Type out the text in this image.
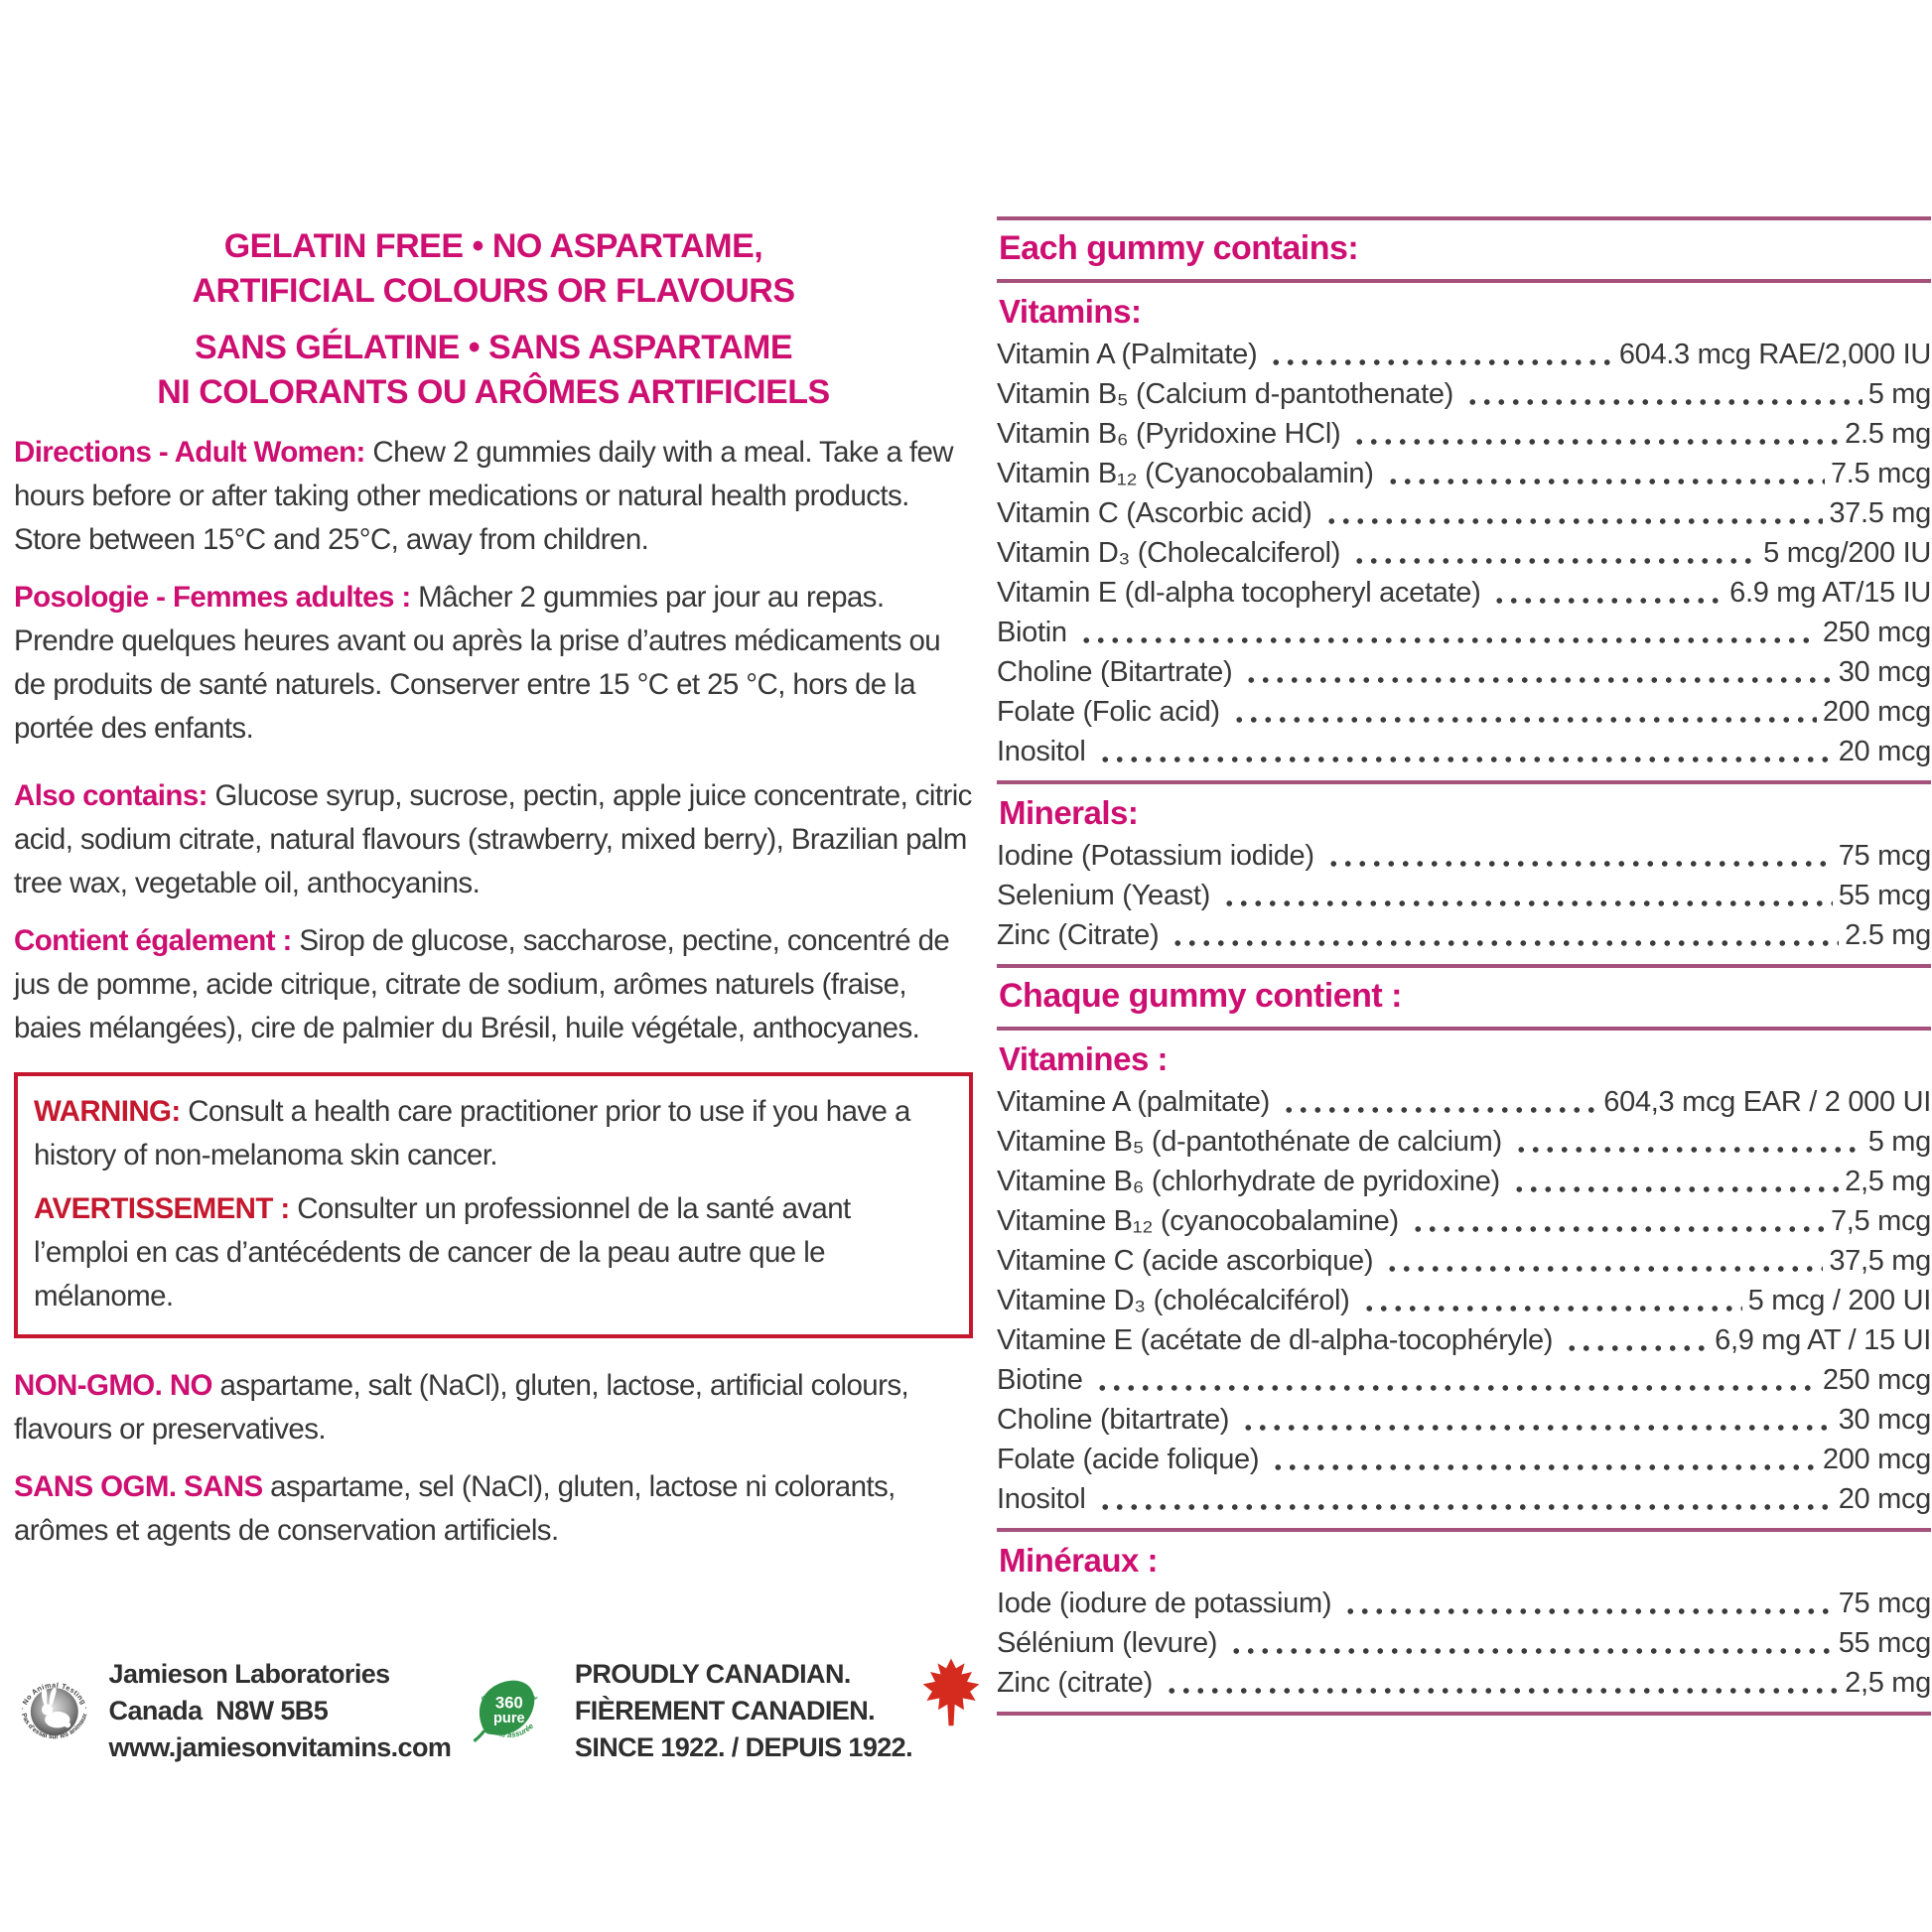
GELATIN FREE • NO ASPARTAME,
ARTIFICIAL COLOURS OR FLAVOURS
SANS GÉLATINE • SANS ASPARTAME
NI COLORANTS OU ARÔMES ARTIFICIELS

Directions - Adult Women: Chew 2 gummies daily with a meal. Take a few hours before or after taking other medications or natural health products. Store between 15°C and 25°C, away from children.

Posologie - Femmes adultes : Mâcher 2 gummies par jour au repas. Prendre quelques heures avant ou après la prise d’autres médicaments ou de produits de santé naturels. Conserver entre 15 °C et 25 °C, hors de la portée des enfants.

Also contains: Glucose syrup, sucrose, pectin, apple juice concentrate, citric acid, sodium citrate, natural flavours (strawberry, mixed berry), Brazilian palm tree wax, vegetable oil, anthocyanins.

Contient également : Sirop de glucose, saccharose, pectine, concentré de jus de pomme, acide citrique, citrate de sodium, arômes naturels (fraise, baies mélangées), cire de palmier du Brésil, huile végétale, anthocyanes.

WARNING: Consult a health care practitioner prior to use if you have a history of non-melanoma skin cancer.

AVERTISSEMENT : Consulter un professionnel de la santé avant l’emploi en cas d’antécédents de cancer de la peau autre que le mélanome.

NON-GMO. NO aspartame, salt (NaCl), gluten, lactose, artificial colours, flavours or preservatives.

SANS OGM. SANS aspartame, sel (NaCl), gluten, lactose ni colorants, arômes et agents de conservation artificiels.

· No Animal Testing ·
Pas d’essai sur les animaux
Jamieson Laboratories
Canada  N8W 5B5
www.jamiesonvitamins.com
360
pure
quality assured
qualité assurée
PROUDLY CANADIAN.
FIÈREMENT CANADIEN.
SINCE 1922. / DEPUIS 1922.
Each gummy contains:
Vitamins:
Vitamin A (Palmitate)	604.3 mcg RAE/2,000 IU
Vitamin B₅ (Calcium d-pantothenate)	5 mg
Vitamin B₆ (Pyridoxine HCl)	2.5 mg
Vitamin B₁₂ (Cyanocobalamin)	7.5 mcg
Vitamin C (Ascorbic acid)	37.5 mg
Vitamin D₃ (Cholecalciferol)	5 mcg/200 IU
Vitamin E (dl-alpha tocopheryl acetate)	6.9 mg AT/15 IU
Biotin	250 mcg
Choline (Bitartrate)	30 mcg
Folate (Folic acid)	200 mcg
Inositol	20 mcg
Minerals:
Iodine (Potassium iodide)	75 mcg
Selenium (Yeast)	55 mcg
Zinc (Citrate)	2.5 mg
Chaque gummy contient :
Vitamines :
Vitamine A (palmitate)	604,3 mcg EAR / 2 000 UI
Vitamine B₅ (d-pantothénate de calcium)	5 mg
Vitamine B₆ (chlorhydrate de pyridoxine)	2,5 mg
Vitamine B₁₂ (cyanocobalamine)	7,5 mcg
Vitamine C (acide ascorbique)	37,5 mg
Vitamine D₃ (cholécalciférol)	5 mcg / 200 UI
Vitamine E (acétate de dl-alpha-tocophéryle)	6,9 mg AT / 15 UI
Biotine	250 mcg
Choline (bitartrate)	30 mcg
Folate (acide folique)	200 mcg
Inositol	20 mcg
Minéraux :
Iode (iodure de potassium)	75 mcg
Sélénium (levure)	55 mcg
Zinc (citrate)	2,5 mg
